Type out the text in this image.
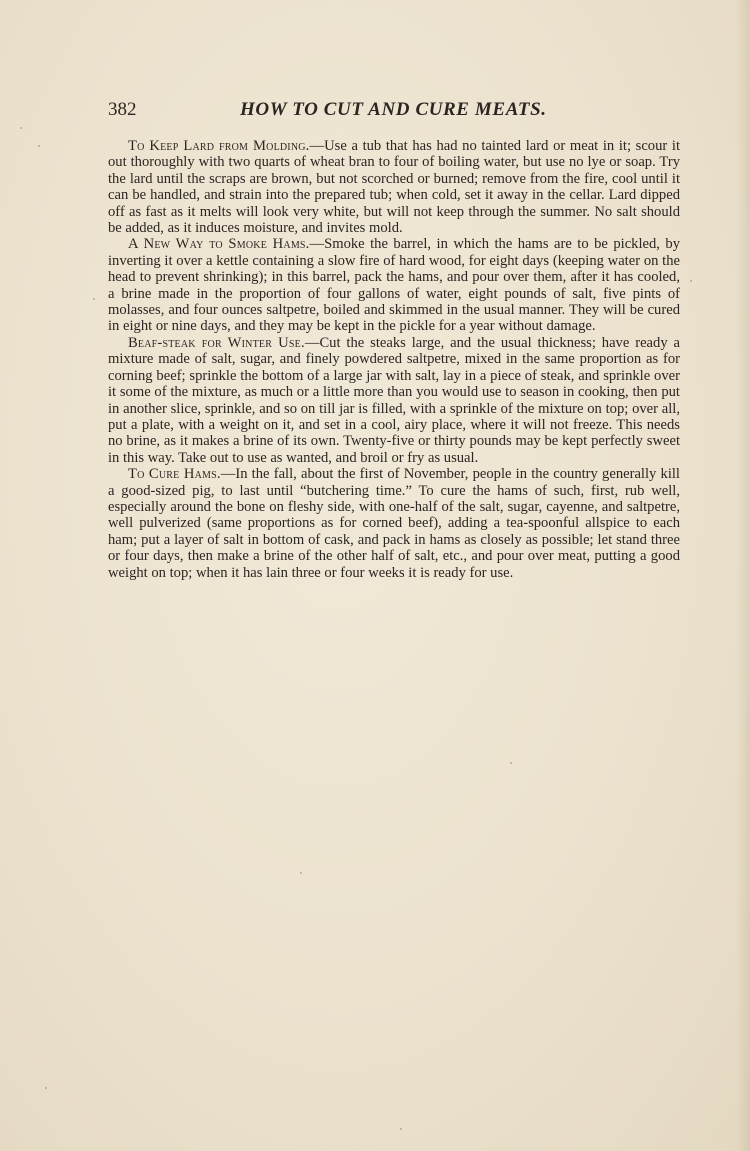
382	HOW TO CUT AND CURE MEATS.

To Keep Lard from Molding.—Use a tub that has had no tainted lard or meat in it; scour it out thoroughly with two quarts of wheat bran to four of boiling water, but use no lye or soap. Try the lard until the scraps are brown, but not scorched or burned; remove from the fire, cool until it can be handled, and strain into the prepared tub; when cold, set it away in the cellar. Lard dipped off as fast as it melts will look very white, but will not keep through the summer. No salt should be added, as it induces moisture, and invites mold.

A New Way to Smoke Hams.—Smoke the barrel, in which the hams are to be pickled, by inverting it over a kettle containing a slow fire of hard wood, for eight days (keeping water on the head to prevent shrinking); in this barrel, pack the hams, and pour over them, after it has cooled, a brine made in the proportion of four gallons of water, eight pounds of salt, five pints of molasses, and four ounces saltpetre, boiled and skimmed in the usual manner. They will be cured in eight or nine days, and they may be kept in the pickle for a year without damage.

Beaf-steak for Winter Use.—Cut the steaks large, and the usual thickness; have ready a mixture made of salt, sugar, and finely powdered saltpetre, mixed in the same proportion as for corning beef; sprinkle the bottom of a large jar with salt, lay in a piece of steak, and sprinkle over it some of the mixture, as much or a little more than you would use to season in cooking, then put in another slice, sprinkle, and so on till jar is filled, with a sprinkle of the mixture on top; over all, put a plate, with a weight on it, and set in a cool, airy place, where it will not freeze. This needs no brine, as it makes a brine of its own. Twenty-five or thirty pounds may be kept perfectly sweet in this way. Take out to use as wanted, and broil or fry as usual.

To Cure Hams.—In the fall, about the first of November, people in the country generally kill a good-sized pig, to last until “butchering time.” To cure the hams of such, first, rub well, especially around the bone on fleshy side, with one-half of the salt, sugar, cayenne, and saltpetre, well pulverized (same proportions as for corned beef), adding a tea-spoonful allspice to each ham; put a layer of salt in bottom of cask, and pack in hams as closely as possible; let stand three or four days, then make a brine of the other half of salt, etc., and pour over meat, putting a good weight on top; when it has lain three or four weeks it is ready for use.
